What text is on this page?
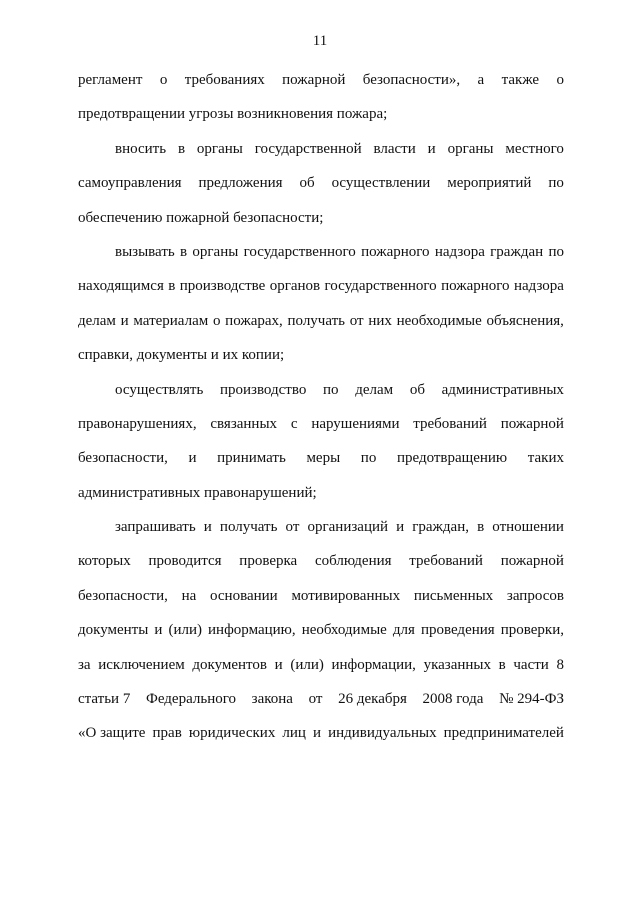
11
регламент о требованиях пожарной безопасности», а также о
предотвращении угрозы возникновения пожара;
вносить в органы государственной власти и органы местного
самоуправления предложения об осуществлении мероприятий по
обеспечению пожарной безопасности;
вызывать в органы государственного пожарного надзора граждан по
находящимся в производстве органов государственного пожарного надзора
делам и материалам о пожарах, получать от них необходимые объяснения,
справки, документы и их копии;
осуществлять производство по делам об административных
правонарушениях, связанных с нарушениями требований пожарной
безопасности, и принимать меры по предотвращению таких
административных правонарушений;
запрашивать и получать от организаций и граждан, в отношении
которых проводится проверка соблюдения требований пожарной
безопасности, на основании мотивированных письменных запросов
документы и (или) информацию, необходимые для проведения проверки,
за исключением документов и (или) информации, указанных в части 8
статьи 7 Федерального закона от 26 декабря 2008 года № 294-ФЗ
«О защите прав юридических лиц и индивидуальных предпринимателей
